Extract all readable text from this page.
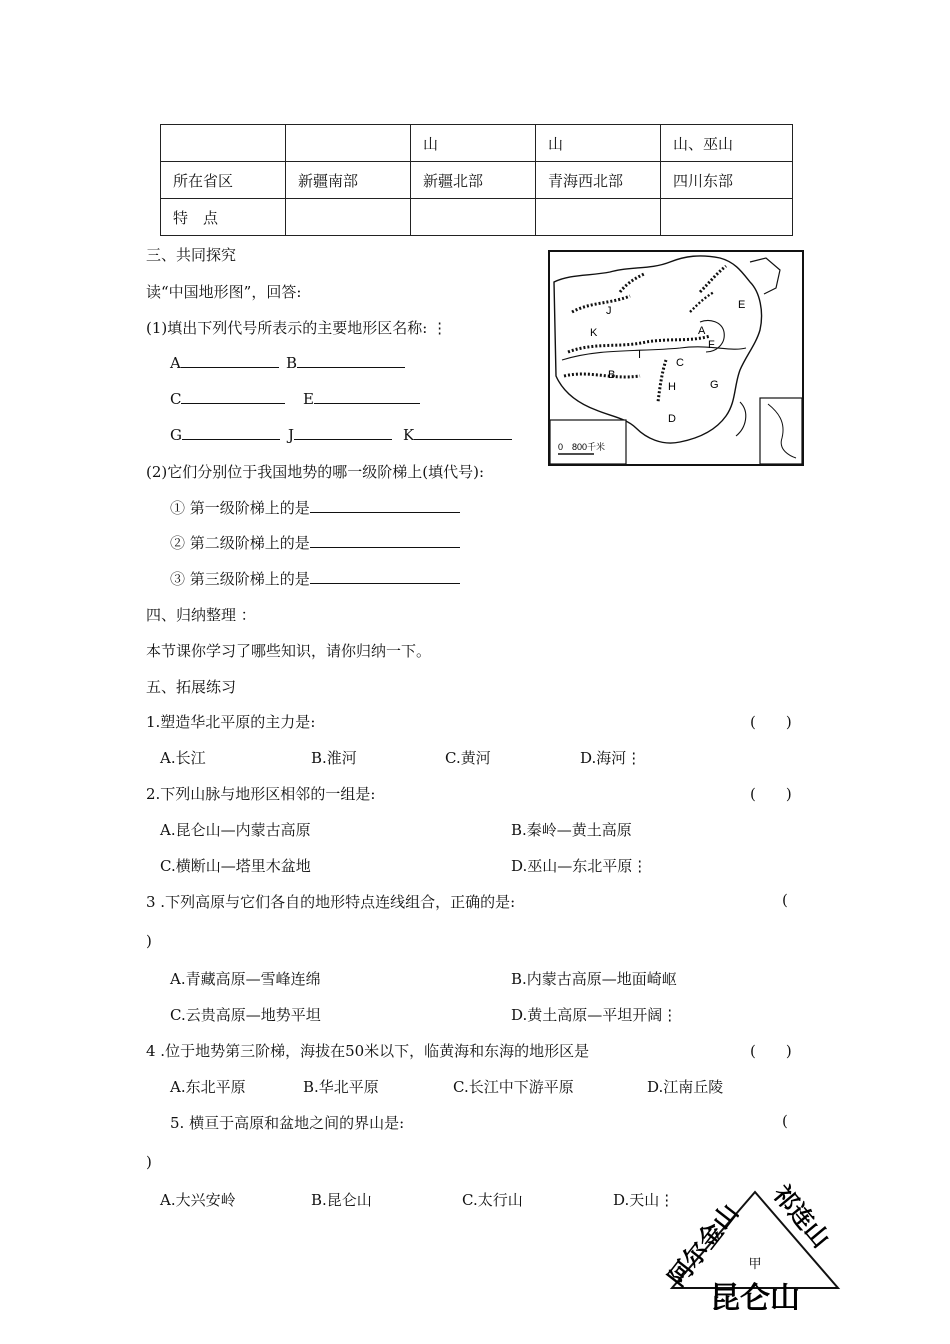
		山	山	山、巫山
所在省区	新疆南部	新疆北部	青海西北部	四川东部
特　点				
三、共同探究
读“中国地形图”，回答:
(1)填出下列代号所表示的主要地形区名称: ⋮
A	B
C	E
G	J	K
(2)它们分别位于我国地势的哪一级阶梯上(填代号):
① 第一级阶梯上的是
② 第二级阶梯上的是
③ 第三级阶梯上的是
J	E
K	A
F
I
C
B
H	G
D
0　800千米
四、归纳整理 ：
本节课你学习了哪些知识，请你归纳一下。
五、拓展练习
1.塑造华北平原的主力是:	(　　)
A.长江	B.淮河	C.黄河	D.海河⋮
2.下列山脉与地形区相邻的一组是:	(　　)
A.昆仑山—内蒙古高原	B.秦岭—黄土高原
C.横断山—塔里木盆地	D.巫山—东北平原⋮
3 .下列高原与它们各自的地形特点连线组合，正确的是:	(
)
A.青藏高原—雪峰连绵	B.内蒙古高原—地面崎岖
C.云贵高原—地势平坦	D.黄土高原—平坦开阔⋮
4 .位于地势第三阶梯，海拔在50米以下，临黄海和东海的地形区是	(　　)
A.东北平原	B.华北平原	C.长江中下游平原	D.江南丘陵
5. 横亘于高原和盆地之间的界山是:	(
)
A.大兴安岭	B.昆仑山	C.太行山	D.天山⋮
甲
阿尔金山 祁连山
昆仑山
